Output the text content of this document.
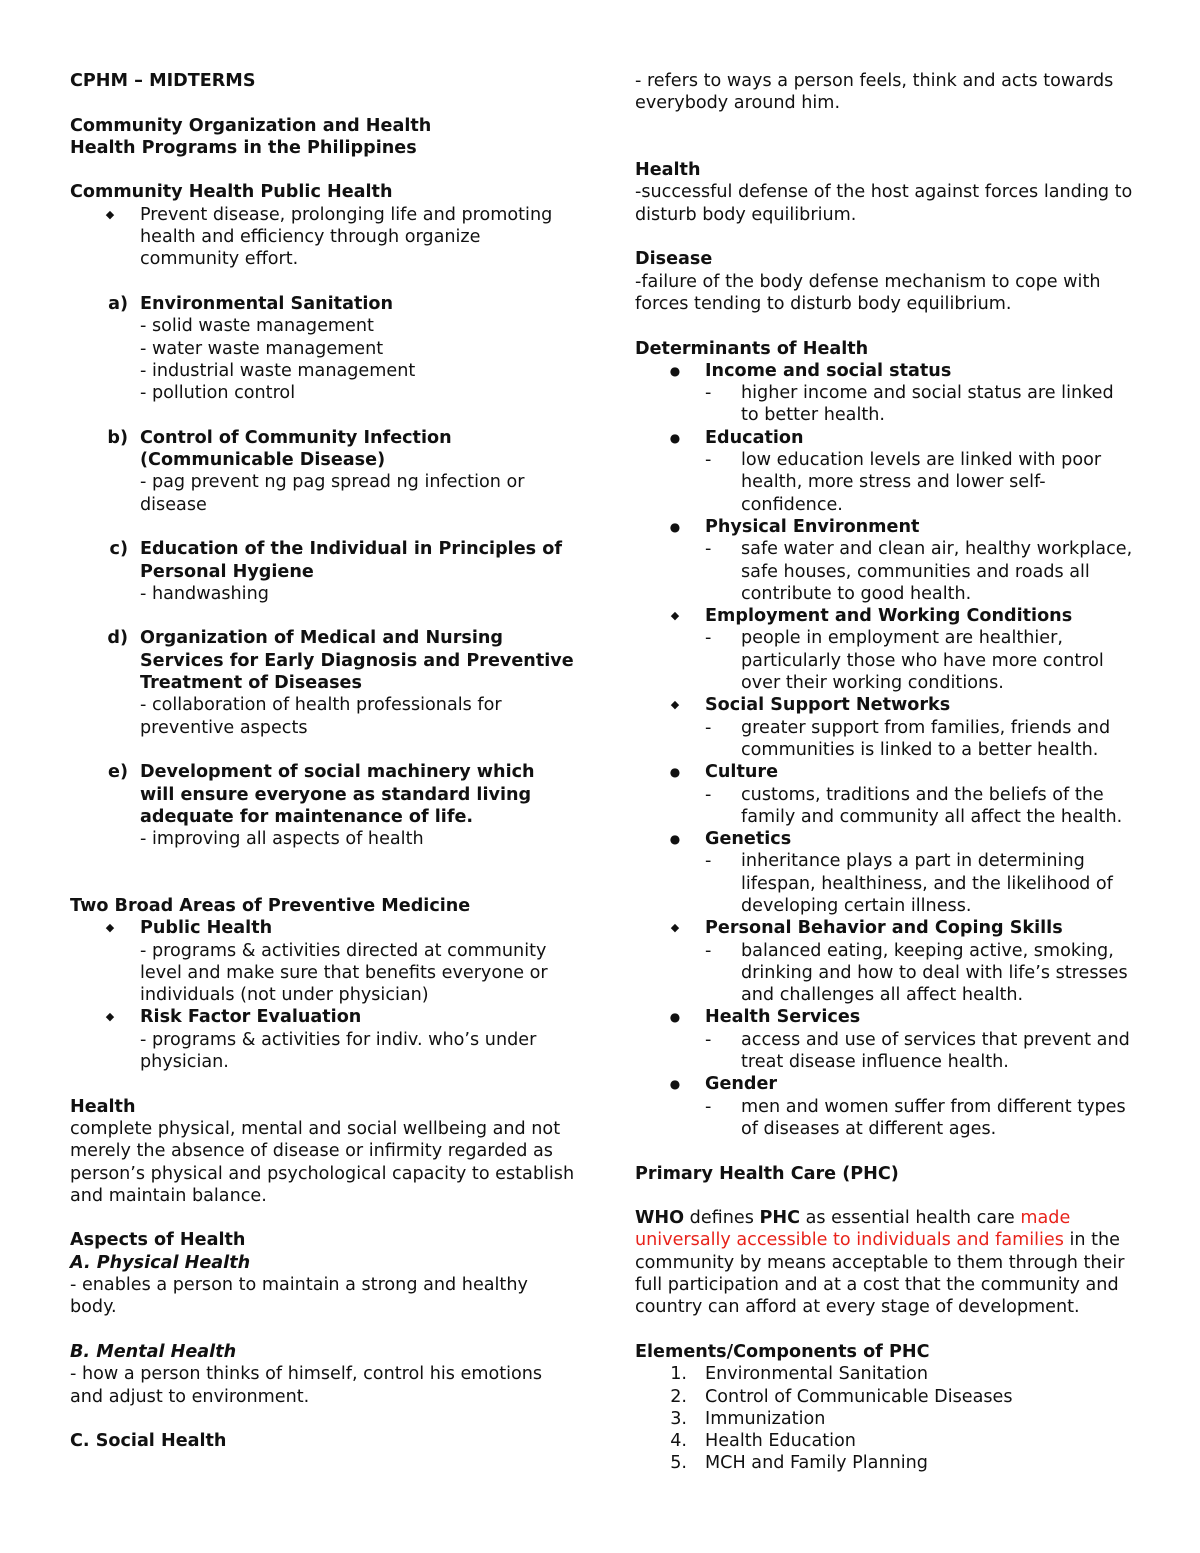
CPHM – MIDTERMS

Community Organization and Health

Health Programs in the Philippines

Community Health Public Health

◆	Prevent disease, prolonging life and promoting health and efficiency through organize community effort.
a) Environmental Sanitation

- solid waste management

- water waste management

- industrial waste management

- pollution control

b) Control of Community Infection (Communicable Disease)

- pag prevent ng pag spread ng infection or disease

c) Education of the Individual in Principles of Personal Hygiene

- handwashing

d) Organization of Medical and Nursing Services for Early Diagnosis and Preventive Treatment of Diseases

- collaboration of health professionals for preventive aspects

e) Development of social machinery which will ensure everyone as standard living adequate for maintenance of life.

- improving all aspects of health

Two Broad Areas of Preventive Medicine

◆	Public Health

- programs & activities directed at community level and make sure that benefits everyone or individuals (not under physician)

◆	Risk Factor Evaluation

- programs & activities for indiv. who’s under physician.

Health

complete physical, mental and social wellbeing and not merely the absence of disease or infirmity regarded as person’s physical and psychological capacity to establish and maintain balance.

Aspects of Health

A. Physical Health

- enables a person to maintain a strong and healthy body.

B. Mental Health

- how a person thinks of himself, control his emotions and adjust to environment.

C. Social Health

- refers to ways a person feels, think and acts towards everybody around him.

Health

-successful defense of the host against forces landing to disturb body equilibrium.

Disease

-failure of the body defense mechanism to cope with forces tending to disturb body equilibrium.

Determinants of Health

● Income and social status

- higher income and social status are linked to better health.

● Education

- low education levels are linked with poor health, more stress and lower self-confidence.

● Physical Environment

- safe water and clean air, healthy workplace, safe houses, communities and roads all contribute to good health.

◆	Employment and Working Conditions

- people in employment are healthier, particularly those who have more control over their working conditions.

◆	Social Support Networks

- greater support from families, friends and communities is linked to a better health.

● Culture

- customs, traditions and the beliefs of the family and community all affect the health.

● Genetics

- inheritance plays a part in determining lifespan, healthiness, and the likelihood of developing certain illness.

◆	Personal Behavior and Coping Skills

- balanced eating, keeping active, smoking, drinking and how to deal with life’s stresses and challenges all affect health.

● Health Services

- access and use of services that prevent and treat disease influence health.

● Gender

- men and women suffer from different types of diseases at different ages.

Primary Health Care (PHC)

WHO defines PHC as essential health care made universally accessible to individuals and families in the community by means acceptable to them through their full participation and at a cost that the community and country can afford at every stage of development.

Elements/Components of PHC

1. Environmental Sanitation
2. Control of Communicable Diseases
3. Immunization
4. Health Education
5. MCH and Family Planning
